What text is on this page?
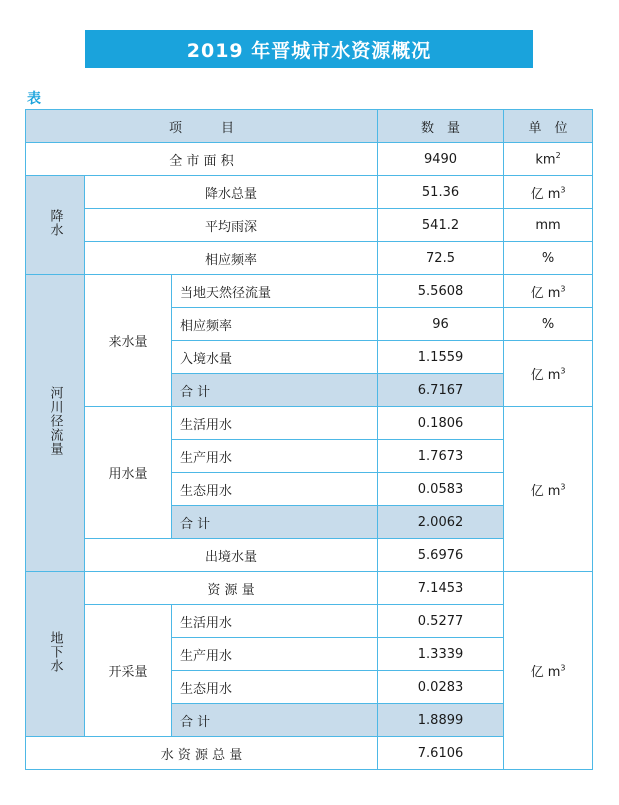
2019 年晋城市水资源概况
表
项　　　目			数　量	单　位
全 市 面 积			9490	$km^2$
降水	降水总量		51.36	亿 $m^3$
	平均雨深		541.2	mm
	相应频率		72.5	%
河川径流量	来水量	当地天然径流量	5.5608	亿 $m^3$
		相应频率	96	%
		入境水量	1.1559	亿 $m^3$
		合 计	6.7167	
	用水量	生活用水	0.1806	亿 $m^3$
		生产用水	1.7673	
		生态用水	0.0583	
		合 计	2.0062	
	出境水量		5.6976	
地下水	资 源 量		7.1453	亿 $m^3$
	开采量	生活用水	0.5277	
		生产用水	1.3339	
		生态用水	0.0283	
		合 计	1.8899	
水 资 源 总 量			7.6106	
